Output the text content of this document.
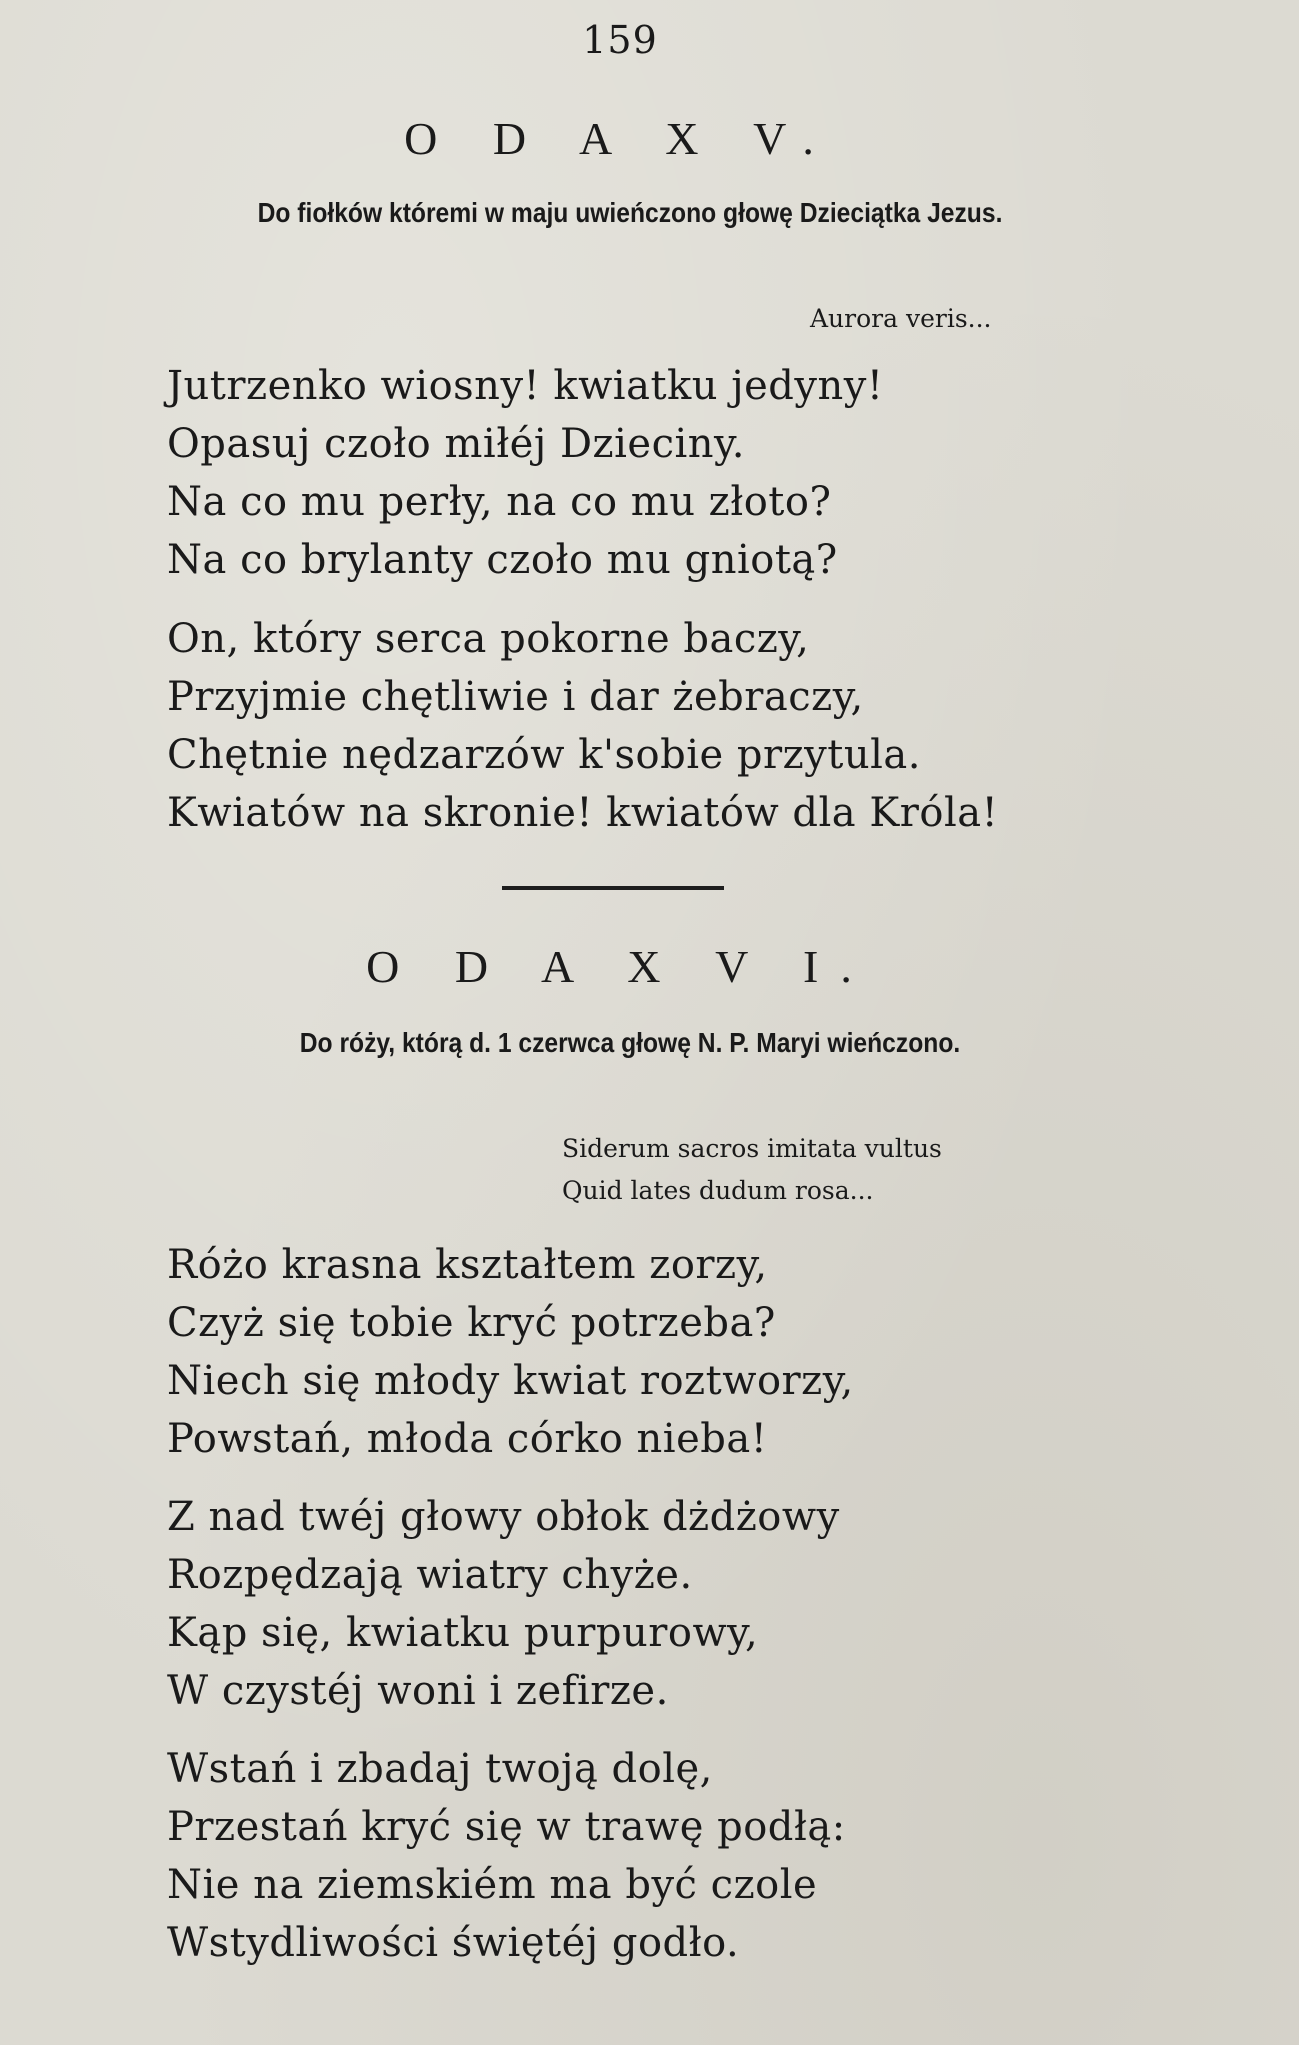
159
O D A X V.
Do fiołków któremi w maju uwieńczono głowę Dzieciątka Jezus.
Aurora veris...
Jutrzenko wiosny! kwiatku jedyny!
Opasuj czoło miłéj Dzieciny.
Na co mu perły, na co mu złoto?
Na co brylanty czoło mu gniotą?
On, który serca pokorne baczy,
Przyjmie chętliwie i dar żebraczy,
Chętnie nędzarzów k'sobie przytula.
Kwiatów na skronie! kwiatów dla Króla!
O D A X V I.
Do róży, którą d. 1 czerwca głowę N. P. Maryi wieńczono.
Siderum sacros imitata vultus
Quid lates dudum rosa...
Różo krasna kształtem zorzy,
Czyż się tobie kryć potrzeba?
Niech się młody kwiat roztworzy,
Powstań, młoda córko nieba!
Z nad twéj głowy obłok dżdżowy
Rozpędzają wiatry chyże.
Kąp się, kwiatku purpurowy,
W czystéj woni i zefirze.
Wstań i zbadaj twoją dolę,
Przestań kryć się w trawę podłą:
Nie na ziemskiém ma być czole
Wstydliwości świętéj godło.
